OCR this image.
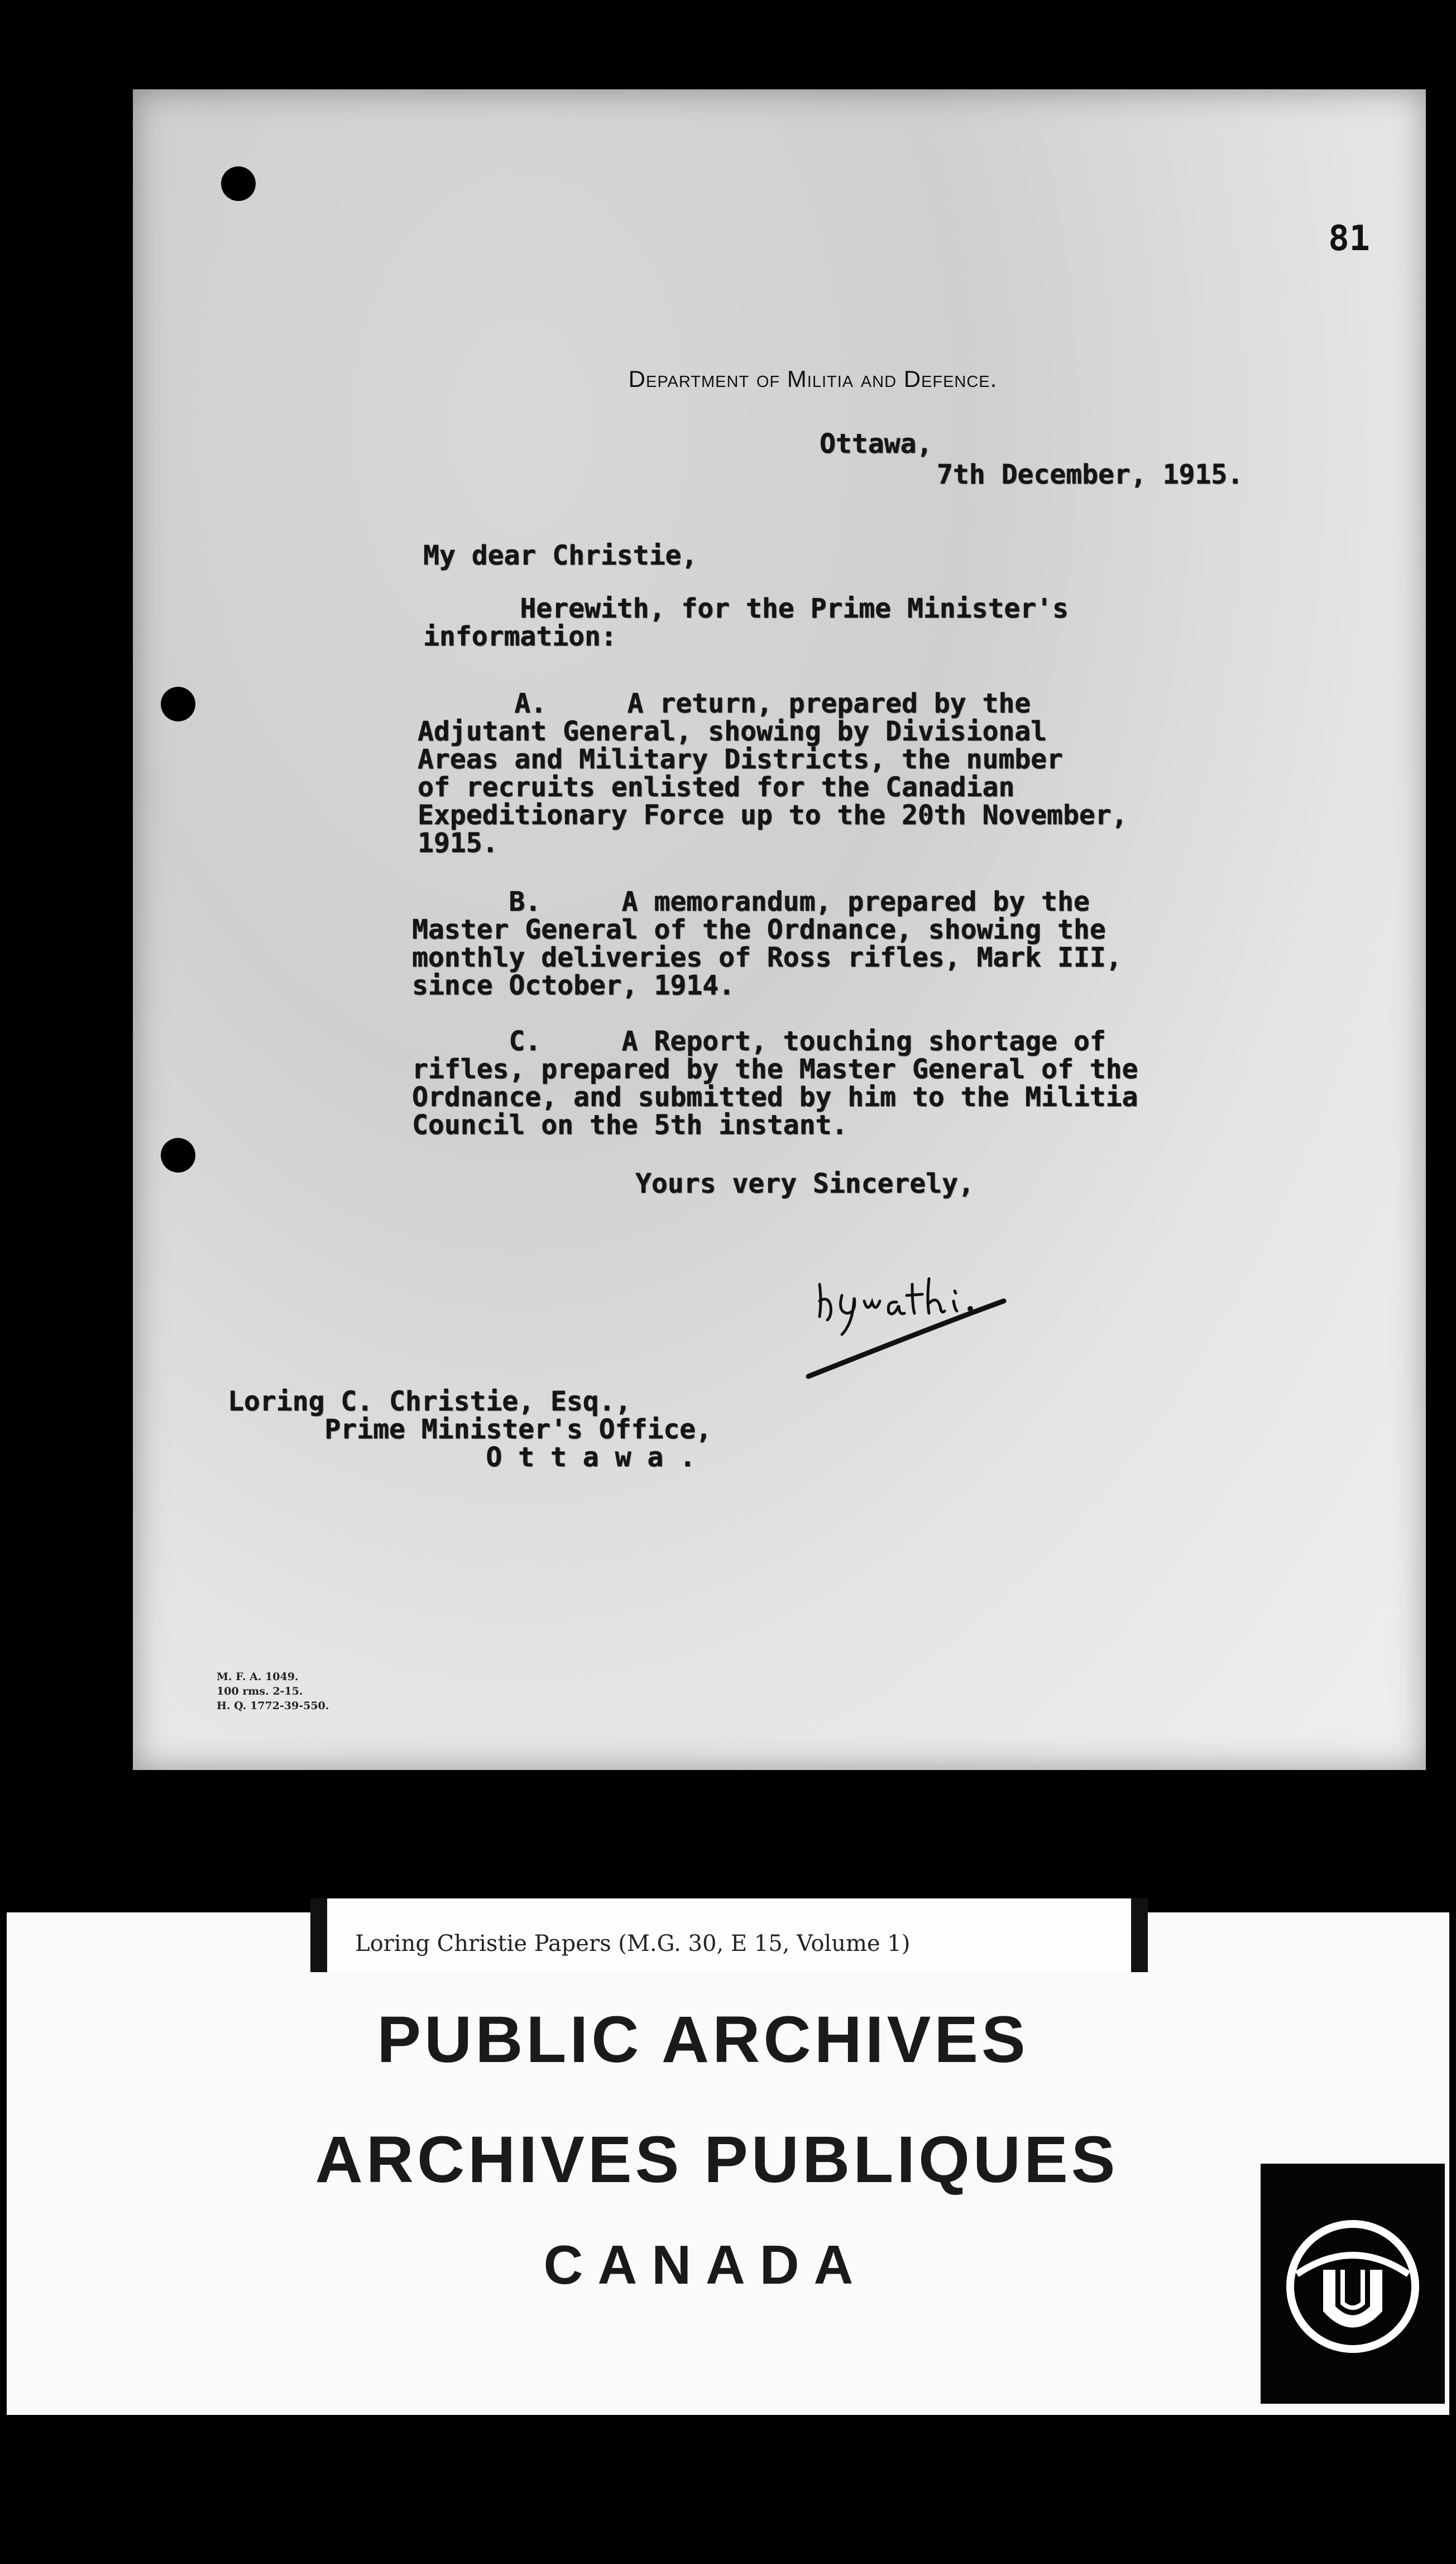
81
Department of Militia and Defence.
Ottawa,
7th December, 1915.
My dear Christie,
Herewith, for the Prime Minister's
information:
A.     A return, prepared by the
Adjutant General, showing by Divisional
Areas and Military Districts, the number
of recruits enlisted for the Canadian
Expeditionary Force up to the 20th November,
1915.
B.     A memorandum, prepared by the
Master General of the Ordnance, showing the
monthly deliveries of Ross rifles, Mark III,
since October, 1914.
C.     A Report, touching shortage of
rifles, prepared by the Master General of the
Ordnance, and submitted by him to the Militia
Council on the 5th instant.
Yours very Sincerely,
Loring C. Christie, Esq.,
Prime Minister's Office,
O t t a w a .
M. F. A. 1049.
100 rms. 2-15.
H. Q. 1772-39-550.
Loring Christie Papers (M.G. 30, E 15, Volume 1)
PUBLIC ARCHIVES
ARCHIVES PUBLIQUES
CANADA
